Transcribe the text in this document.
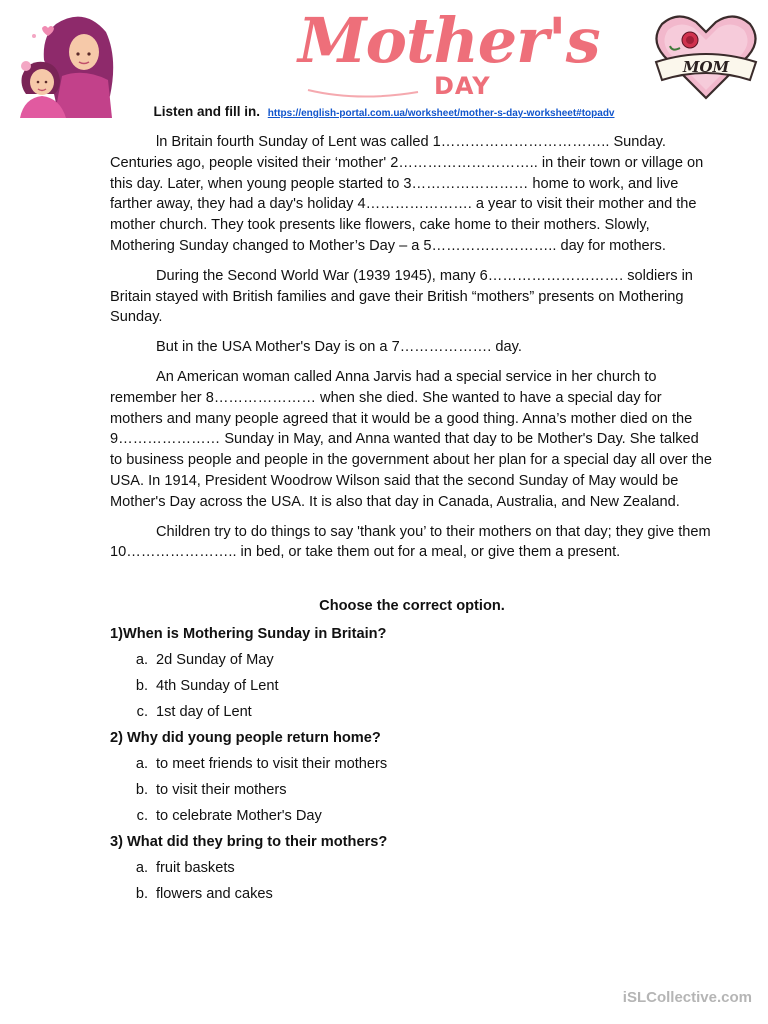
Mother's
DAY
MOM
Listen and fill in. https://english-portal.com.ua/worksheet/mother-s-day-worksheet#topadv

ln Britain fourth Sunday of Lent was called 1…………………………….. Sunday. Centuries ago, people visited their ‘mother' 2……………………….. in their town or village on this day. Later, when young people started to 3…………………… home to work, and live farther away, they had a day's holiday 4…………………. a year to visit their mother and the mother church. They took presents like flowers, cake home to their mothers. Slowly, Mothering Sunday changed to Mother’s Day – a 5…………………….. day for mothers.

During the Second World War (1939 1945), many 6………………………. soldiers in Britain stayed with British families and gave their British “mothers” presents on Mothering Sunday.

But in the USA Mother's Day is on a 7………………. day.

An American woman called Anna Jarvis had a special service in her church to remember her 8………………… when she died. She wanted to have a special day for mothers and many people agreed that it would be a good thing. Anna’s mother died on the 9………………… Sunday in May, and Anna wanted that day to be Mother's Day. She talked to business people and people in the government about her plan for a special day all over the USA. In 1914, President Woodrow Wilson said that the second Sunday of May would be Mother's Day across the USA. It is also that day in Canada, Australia, and New Zealand.

Children try to do things to say 'thank you’ to their mothers on that day; they give them 10………………….. in bed, or take them out for a meal, or give them a present.

Choose the correct option.
1)When is Mothering Sunday in Britain?
a. 2d Sunday of May
b. 4th Sunday of Lent
c. 1st day of Lent
2) Why did young people return home?
a. to meet friends to visit their mothers
b. to visit their mothers
c. to celebrate Mother's Day
3) What did they bring to their mothers?
a. fruit baskets
b. flowers and cakes
iSLCollective.com
